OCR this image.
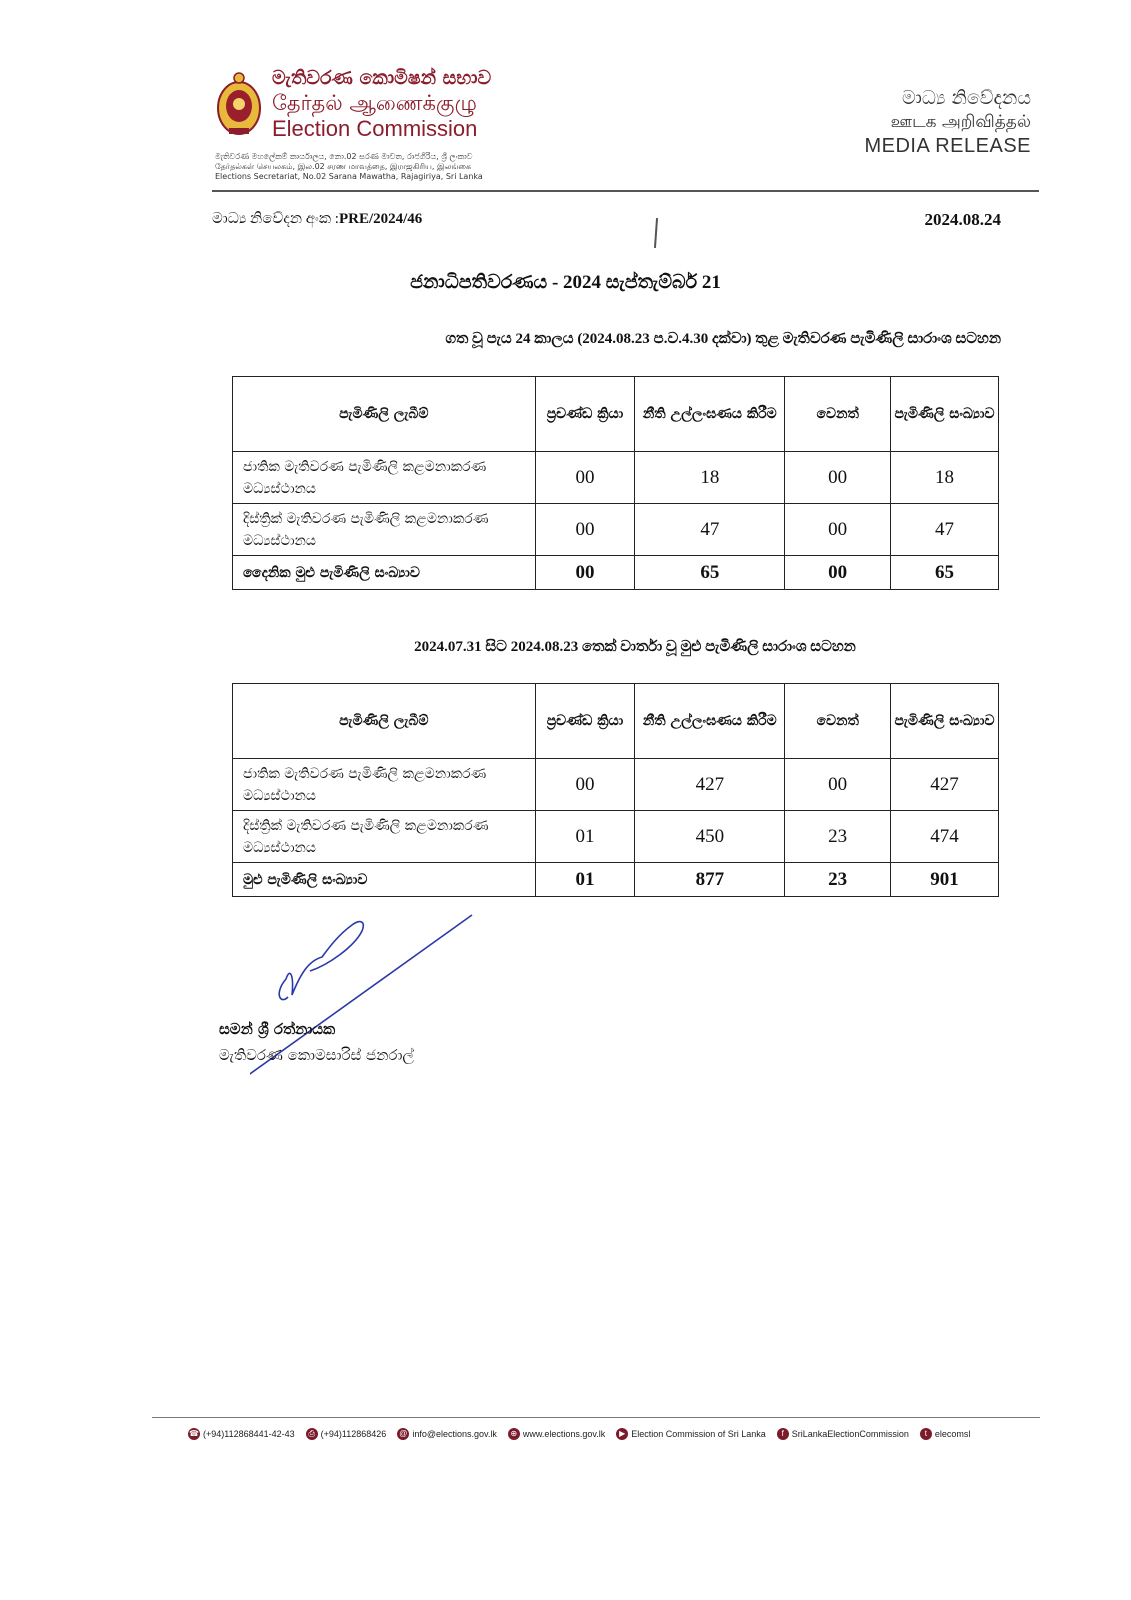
මැතිවරණ කොමිෂන් සභාව
தேர்தல் ஆணைக்குழு
Election Commission
මැතිවරණ මහලේකම් කාර්යාලය, නො.02 සරණ මාවත, රාජගිරිය, ශ්‍රී ලංකාව
தேர்தல்கள் செயலகம், இல.02 சரண மாவத்தை, இராஜகிரிய, இலங்கை
Elections Secretariat, No.02 Sarana Mawatha, Rajagiriya, Sri Lanka
මාධ්‍ය නිවේදනය
ஊடக அறிவித்தல்
MEDIA RELEASE
මාධ්‍ය නිවේදන අංක :PRE/2024/46	2024.08.24
ජනාධිපතිවරණය - 2024 සැප්තැම්බර් 21
ගත වූ පැය 24 කාලය (2024.08.23 ප.ව.4.30 දක්වා) තුළ මැතිවරණ පැමිණිලි සාරාංශ සටහන
පැමිණිලි ලැබීම්	ප්‍රචණ්ඩ ක්‍රියා	නීති උල්ලංඝණය කිරීම	වෙනත්	පැමිණිලි සංඛ්‍යාව
ජාතික මැතිවරණ පැමිණිලි කළමනාකරණ මධ්‍යස්ථානය	00	18	00	18
දිස්ත්‍රික් මැතිවරණ පැමිණිලි කළමනාකරණ මධ්‍යස්ථානය	00	47	00	47
දෛනික මුළු පැමිණිලි සංඛ්‍යාව	00	65	00	65
2024.07.31 සිට 2024.08.23 තෙක් වාර්තා වූ මුළු පැමිණිලි සාරාංශ සටහන
පැමිණිලි ලැබීම්	ප්‍රචණ්ඩ ක්‍රියා	නීති උල්ලංඝණය කිරීම	වෙනත්	පැමිණිලි සංඛ්‍යාව
ජාතික මැතිවරණ පැමිණිලි කළමනාකරණ මධ්‍යස්ථානය	00	427	00	427
දිස්ත්‍රික් මැතිවරණ පැමිණිලි කළමනාකරණ මධ්‍යස්ථානය	01	450	23	474
මුළු පැමිණිලි සංඛ්‍යාව	01	877	23	901
සමන් ශ්‍රී රත්නායක
මැතිවරණ කොමසාරිස් ජනරාල්
☎ (+94)112868441-42-43	⎙ (+94)112868426 @ info@elections.gov.lk	⊕ www.elections.gov.lk	▶ Election Commission of Sri Lanka	f SriLankaElectionCommission	t elecomsl
